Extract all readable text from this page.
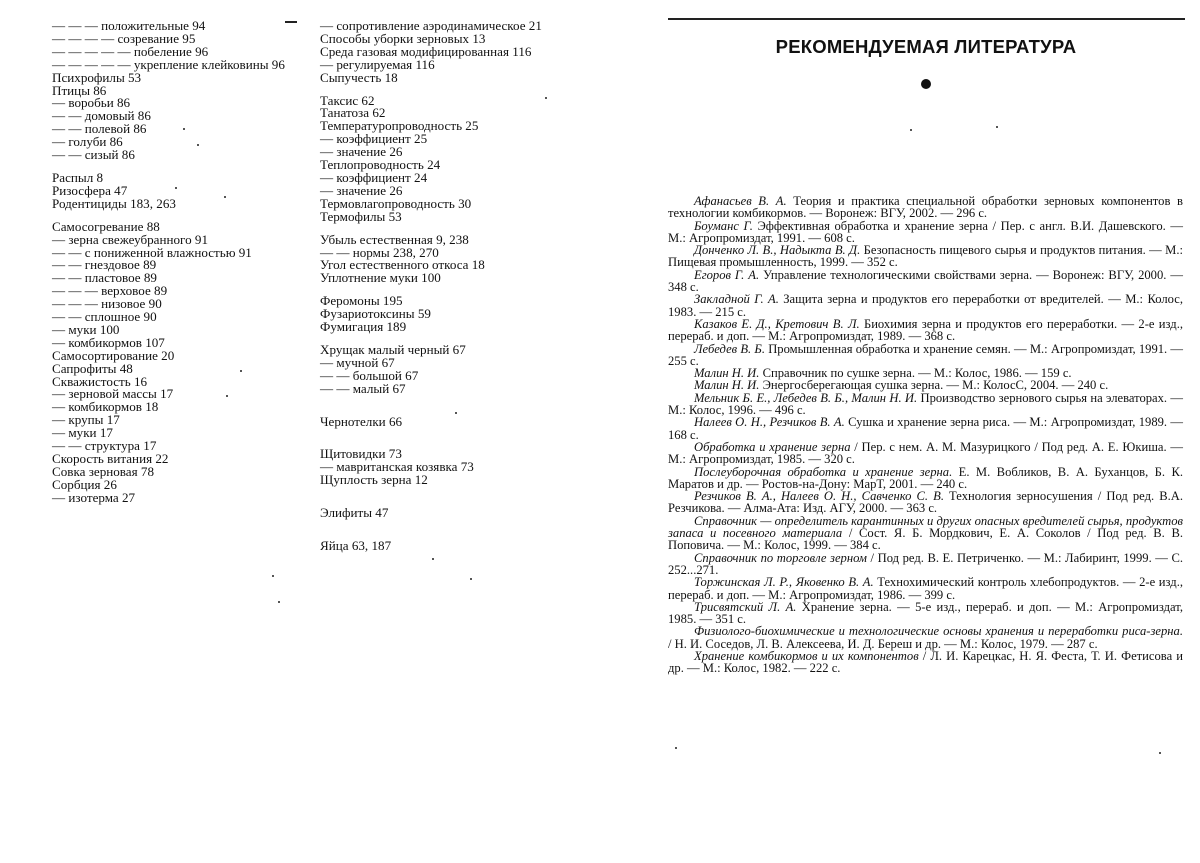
— — — положительные 94
— — — — созревание 95
— — — — — побеление 96
— — — — — укрепление клейковины 96
Психрофилы 53
Птицы 86
— воробьи 86
— — домовый 86
— — полевой 86
— голуби 86
— — сизый 86
Распыл 8
Ризосфера 47
Родентициды 183, 263
Самосогревание 88
— зерна свежеубранного 91
— — с пониженной влажностью 91
— — гнездовое 89
— — пластовое 89
— — — верховое 89
— — — низовое 90
— — сплошное 90
— муки 100
— комбикормов 107
Самосортирование 20
Сапрофиты 48
Скважистость 16
— зерновой массы 17
— комбикормов 18
— крупы 17
— муки 17
— — структура 17
Скорость витания 22
Совка зерновая 78
Сорбция 26
— изотерма 27
— сопротивление аэродинамическое 21
Способы уборки зерновых 13
Среда газовая модифицированная 116
— регулируемая 116
Сыпучесть 18
Таксис 62
Танатоза 62
Температуропроводность 25
— коэффициент 25
— значение 26
Теплопроводность 24
— коэффициент 24
— значение 26
Термовлагопроводность 30
Термофилы 53
Убыль естественная 9, 238
— — нормы 238, 270
Угол естественного откоса 18
Уплотнение муки 100
Феромоны 195
Фузариотоксины 59
Фумигация 189
Хрущак малый черный 67
— мучной 67
— — большой 67
— — малый 67
Чернотелки 66
Щитовидки 73
— мавританская козявка 73
Щуплость зерна 12
Элифиты 47
Яйца 63, 187
РЕКОМЕНДУЕМАЯ ЛИТЕРАТУРА

Афанасьев В. А. Теория и практика специальной обработки зерновых компонентов в технологии комбикормов. — Воронеж: ВГУ, 2002. — 296 с.

Боуманс Г. Эффективная обработка и хранение зерна / Пер. с англ. В.И. Дашевского. — М.: Агропромиздат, 1991. — 608 с.

Донченко Л. В., Надыкта В. Д. Безопасность пищевого сырья и продуктов питания. — М.: Пищевая промышленность, 1999. — 352 с.

Егоров Г. А. Управление технологическими свойствами зерна. — Воронеж: ВГУ, 2000. — 348 с.

Закладной Г. А. Защита зерна и продуктов его переработки от вредителей. — М.: Колос, 1983. — 215 с.

Казаков Е. Д., Кретович В. Л. Биохимия зерна и продуктов его переработки. — 2-е изд., перераб. и доп. — М.: Агропромиздат, 1989. — 368 с.

Лебедев В. Б. Промышленная обработка и хранение семян. — М.: Агропромиздат, 1991. — 255 с.

Малин Н. И. Справочник по сушке зерна. — М.: Колос, 1986. — 159 с.

Малин Н. И. Энергосберегающая сушка зерна. — М.: КолосС, 2004. — 240 с.

Мельник Б. Е., Лебедев В. Б., Малин Н. И. Производство зернового сырья на элеваторах. — М.: Колос, 1996. — 496 с.

Налеев О. Н., Резчиков В. А. Сушка и хранение зерна риса. — М.: Агропромиздат, 1989. — 168 с.

Обработка и хранение зерна / Пер. с нем. А. М. Мазурицкого / Под ред. А. Е. Юкиша. — М.: Агропромиздат, 1985. — 320 с.

Послеуборочная обработка и хранение зерна. Е. М. Вобликов, В. А. Буханцов, Б. К. Маратов и др. — Ростов-на-Дону: МарТ, 2001. — 240 с.

Резчиков В. А., Налеев О. Н., Савченко С. В. Технология зерносушения / Под ред. В.А. Резчикова. — Алма-Ата: Изд. АГУ, 2000. — 363 с.

Справочник — определитель карантинных и других опасных вредителей сырья, продуктов запаса и посевного материала / Сост. Я. Б. Мордкович, Е. А. Соколов / Под ред. В. В. Поповича. — М.: Колос, 1999. — 384 с.

Справочник по торговле зерном / Под ред. В. Е. Петриченко. — М.: Лабиринт, 1999. — С. 252...271.

Торжинская Л. Р., Яковенко В. А. Технохимический контроль хлебопродуктов. — 2-е изд., перераб. и доп. — М.: Агропромиздат, 1986. — 399 с.

Трисвятский Л. А. Хранение зерна. — 5-е изд., перераб. и доп. — М.: Агропромиздат, 1985. — 351 с.

Физиолого-биохимические и технологические основы хранения и переработки риса-зерна. / Н. И. Соседов, Л. В. Алексеева, И. Д. Береш и др. — М.: Колос, 1979. — 287 с.

Хранение комбикормов и их компонентов / Л. И. Карецкас, Н. Я. Феста, Т. И. Фетисова и др. — М.: Колос, 1982. — 222 с.
